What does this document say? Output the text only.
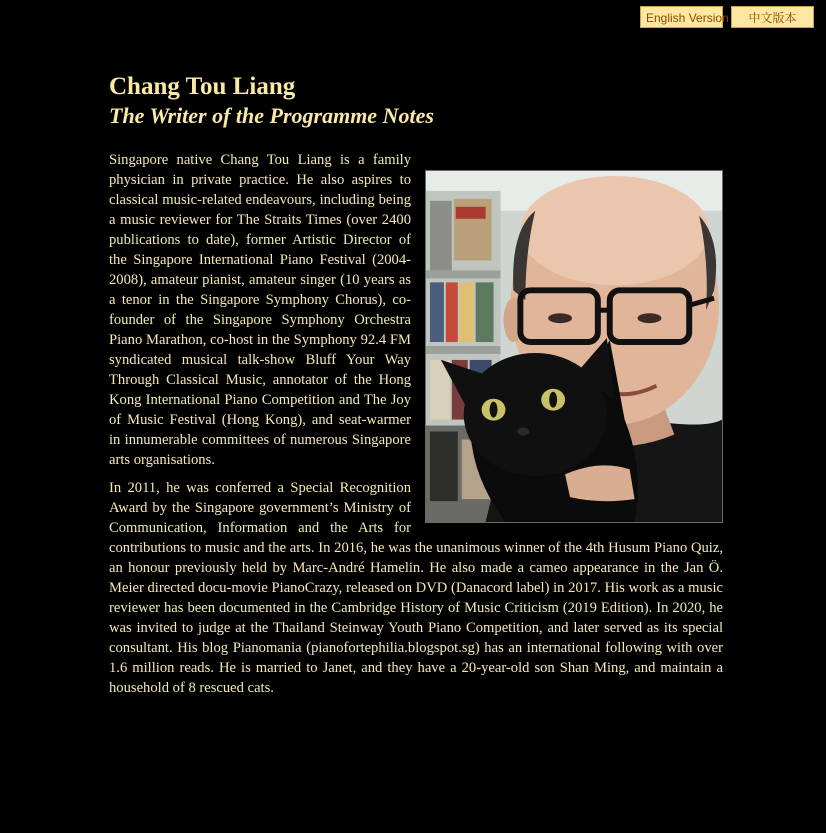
English Version	中文版本
Chang Tou Liang
The Writer of the Programme Notes

Singapore native Chang Tou Liang is a family physician in private practice. He also aspires to classical music-related endeavours, including being a music reviewer for The Straits Times (over 2400 publications to date), former Artistic Director of the Singapore International Piano Festival (2004-2008), amateur pianist, amateur singer (10 years as a tenor in the Singapore Symphony Chorus), co-founder of the Singapore Symphony Orchestra Piano Marathon, co-host in the Symphony 92.4 FM syndicated musical talk-show Bluff Your Way Through Classical Music, annotator of the Hong Kong International Piano Competition and The Joy of Music Festival (Hong Kong), and seat-warmer in innumerable committees of numerous Singapore arts organisations.

In 2011, he was conferred a Special Recognition Award by the Singapore government’s Ministry of Communication, Information and the Arts for contributions to music and the arts. In 2016, he was the unanimous winner of the 4th Husum Piano Quiz, an honour previously held by Marc-André Hamelin. He also made a cameo appearance in the Jan Ö. Meier directed docu-movie PianoCrazy, released on DVD (Danacord label) in 2017. His work as a music reviewer has been documented in the Cambridge History of Music Criticism (2019 Edition). In 2020, he was invited to judge at the Thailand Steinway Youth Piano Competition, and later served as its special consultant. His blog Pianomania (pianofortephilia.blogspot.sg) has an international following with over 1.6 million reads. He is married to Janet, and they have a 20-year-old son Shan Ming, and maintain a household of 8 rescued cats.
